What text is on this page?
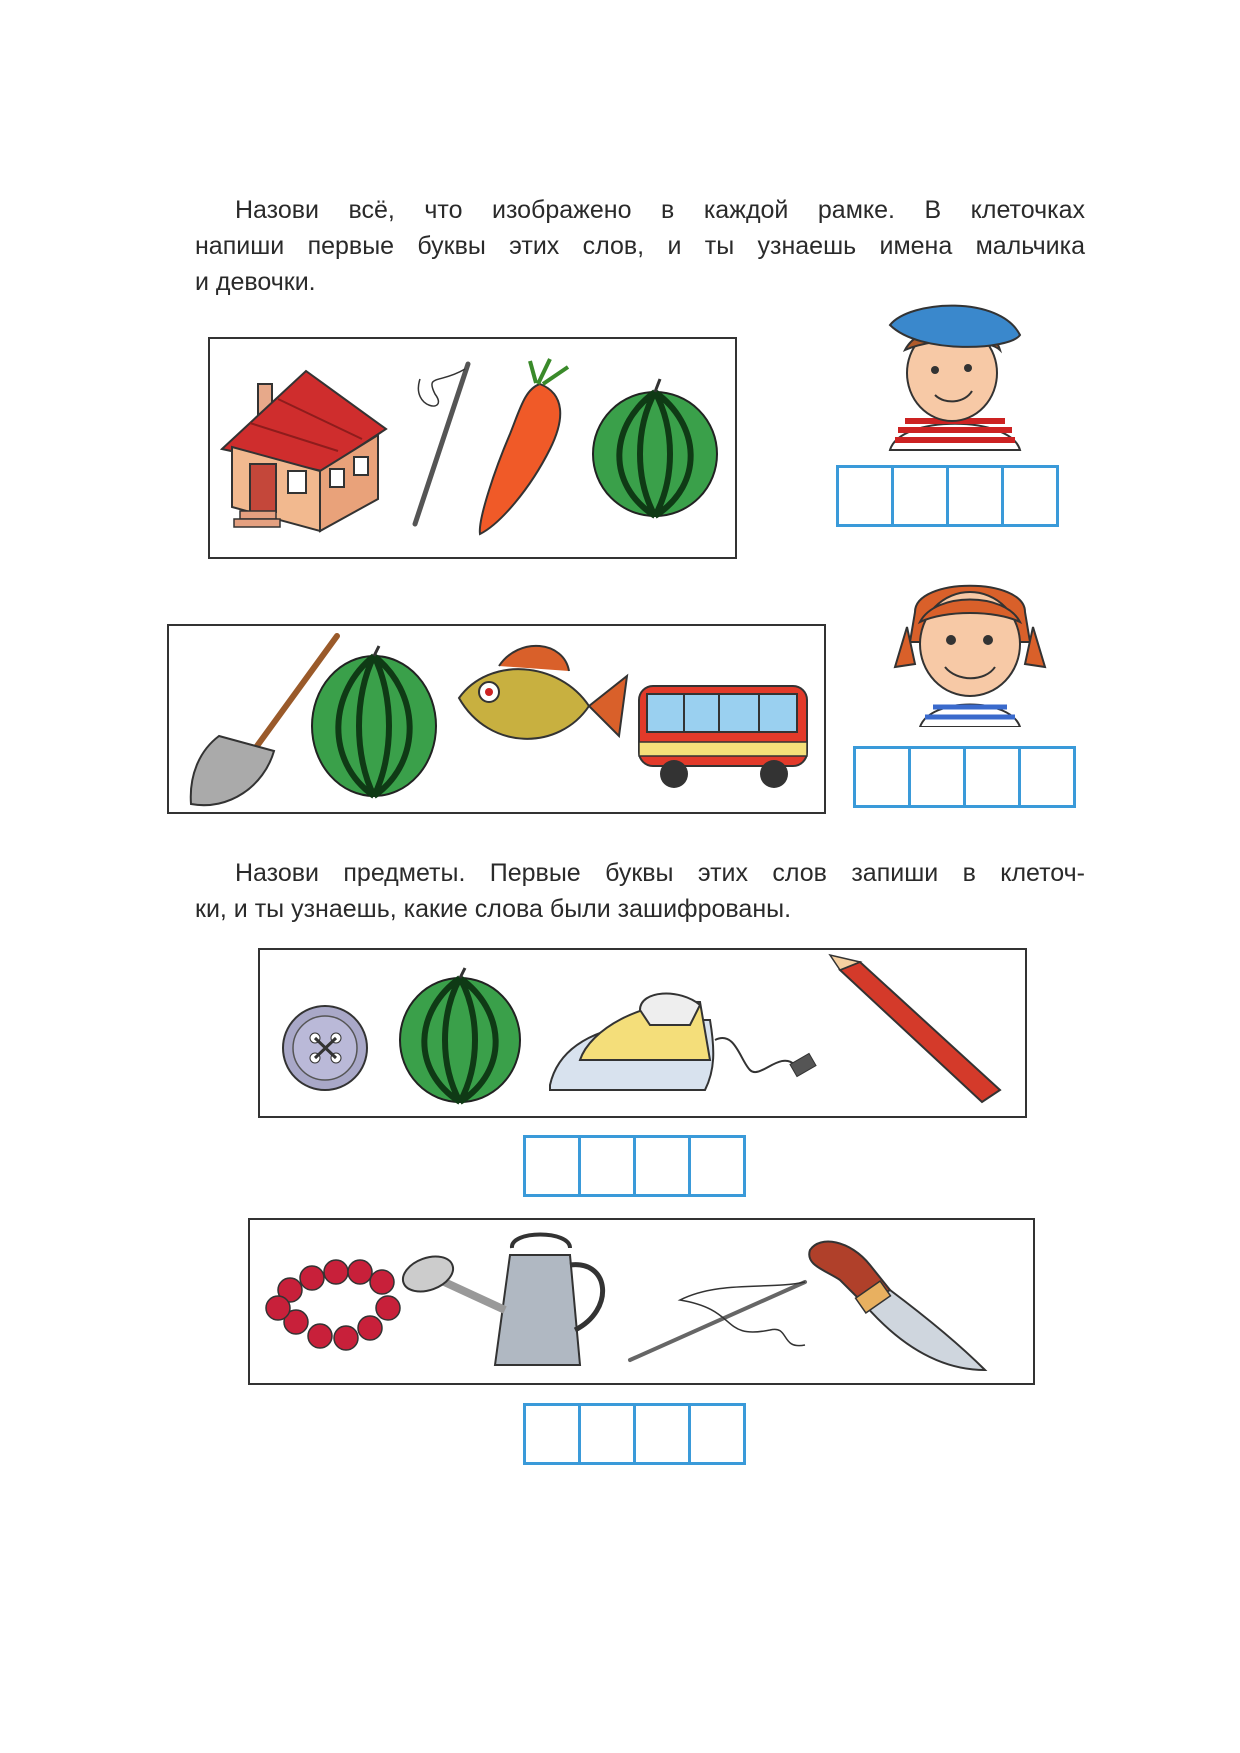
Назови всё, что изображено в каждой рамке. В клеточках
напиши первые буквы этих слов, и ты узнаешь имена мальчика
и девочки.

Назови предметы. Первые буквы этих слов запиши в клеточ-
ки, и ты узнаешь, какие слова были зашифрованы.
